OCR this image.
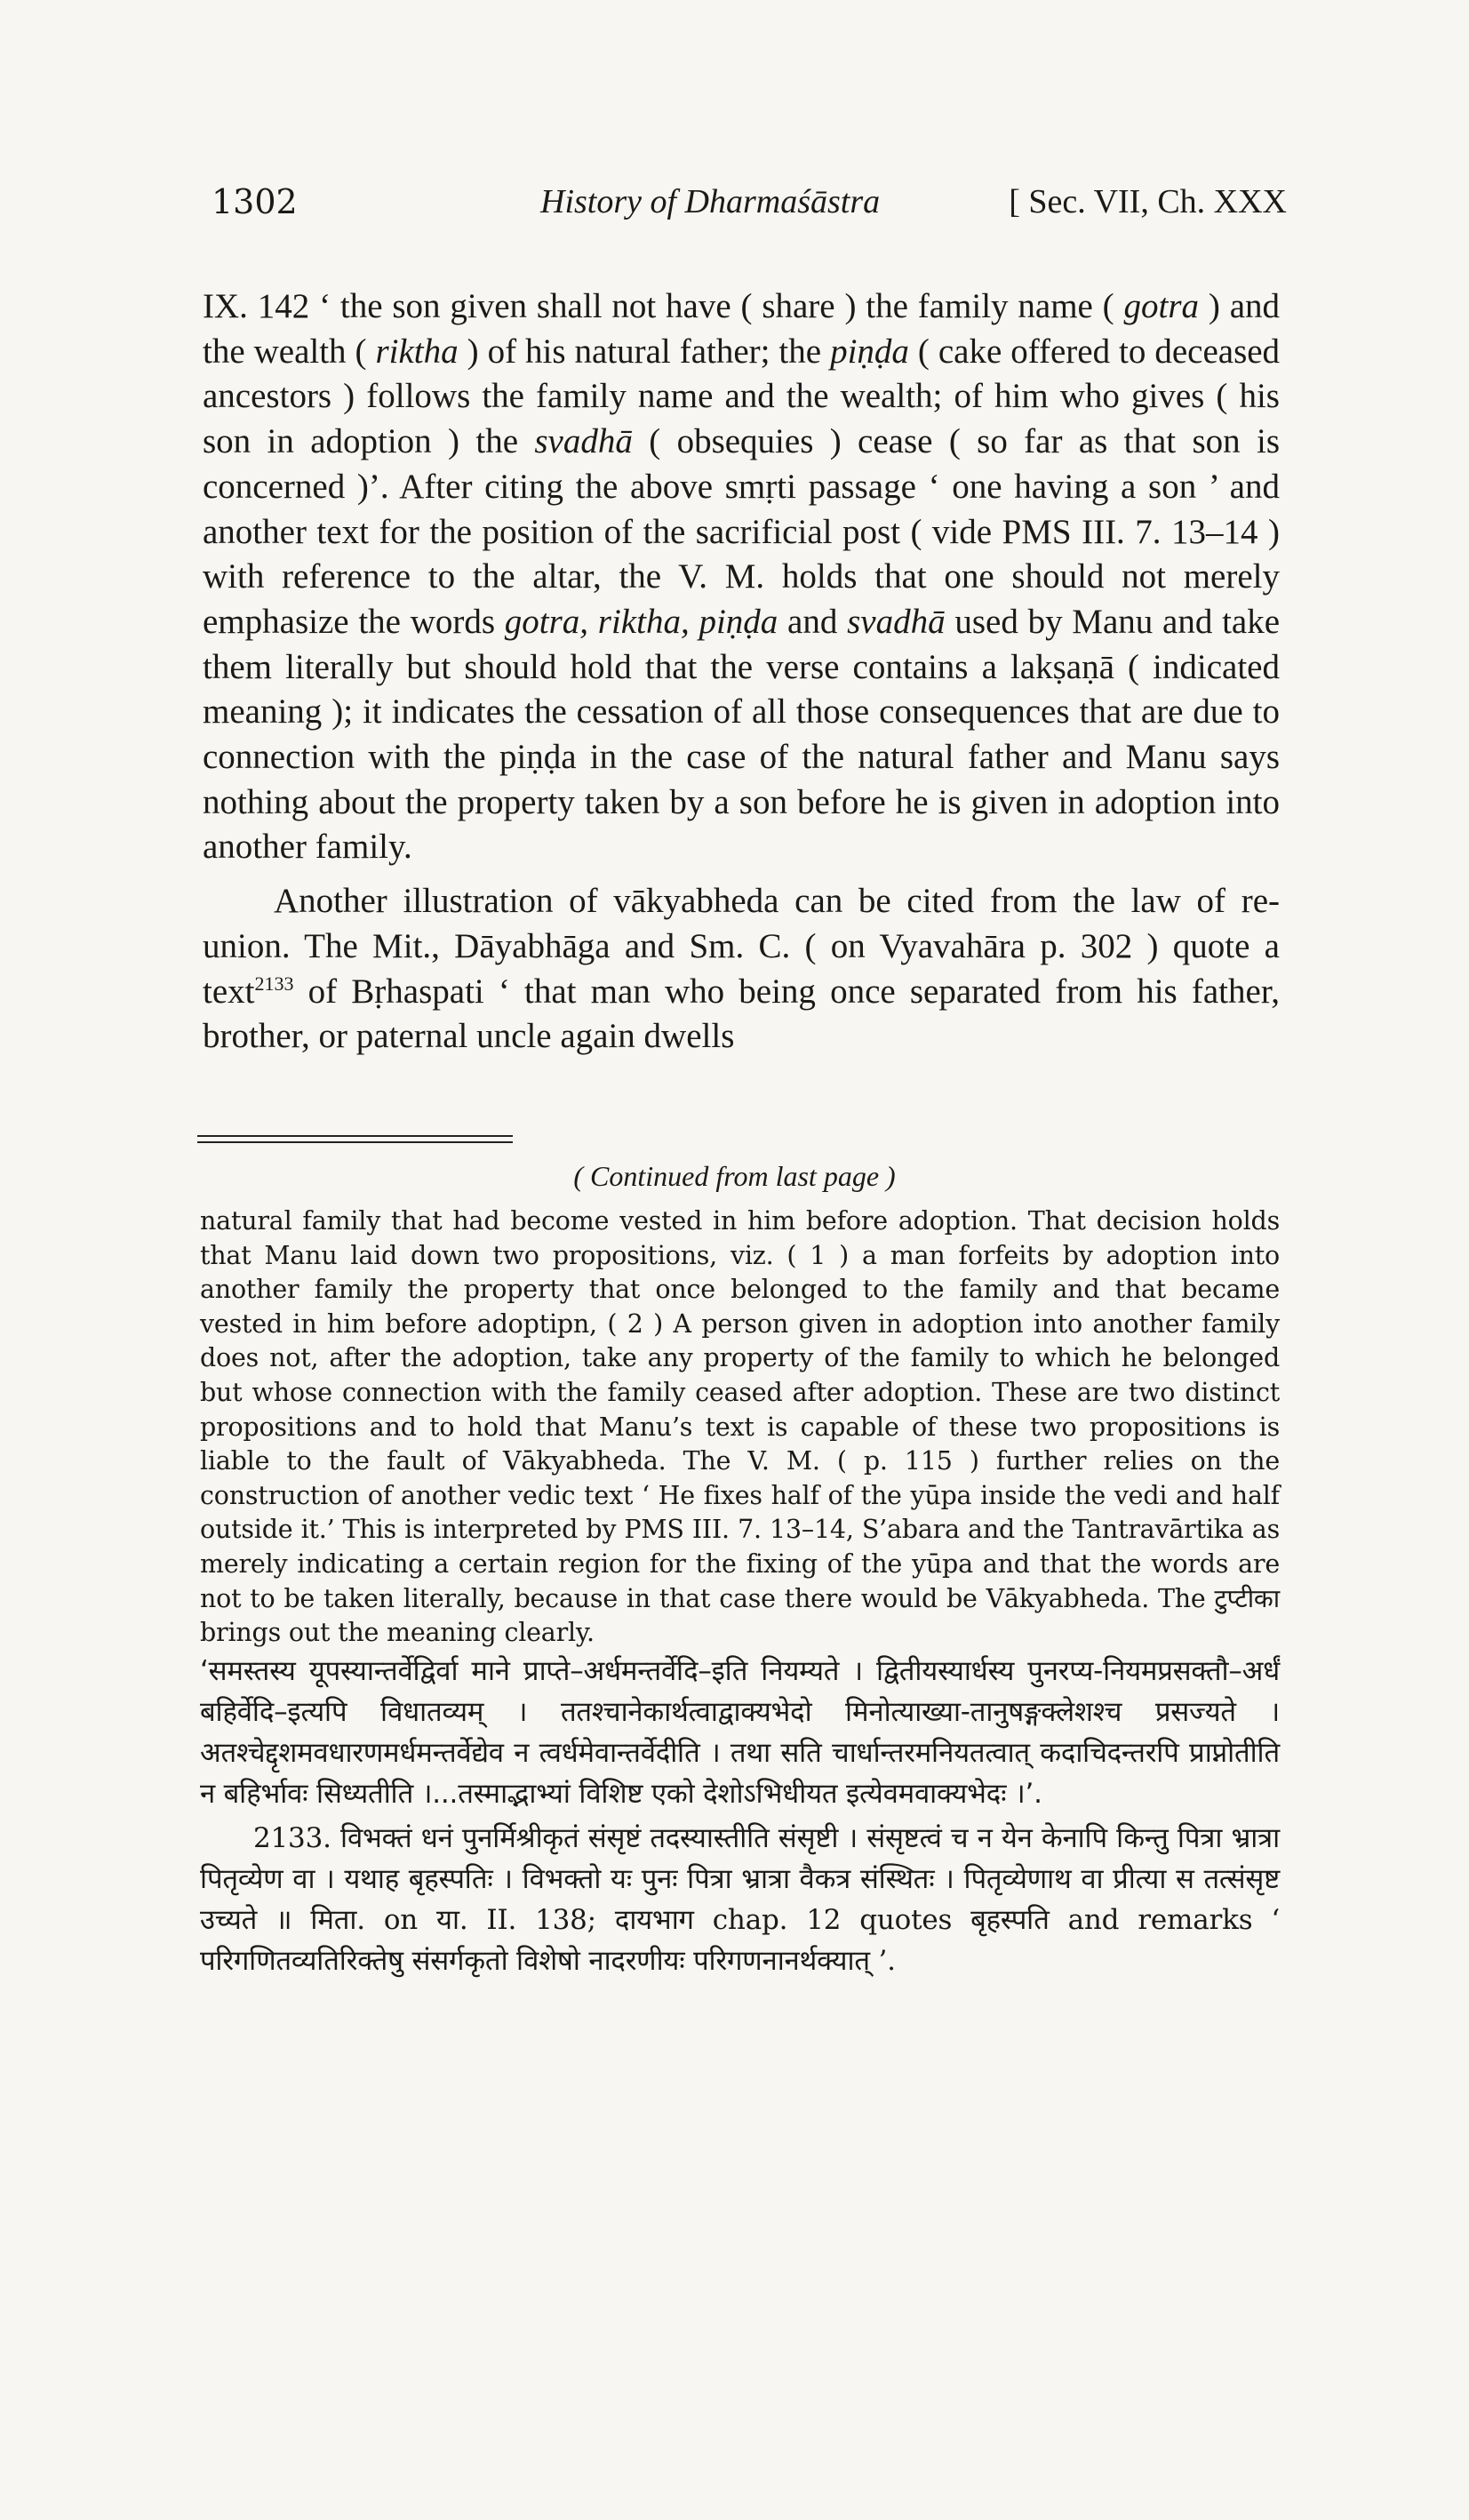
1302	History of Dharmaśāstra	[ Sec. VII, Ch. XXX

IX. 142 ‘ the son given shall not have ( share ) the family name ( gotra ) and the wealth ( riktha ) of his natural father; the piṇḍa ( cake offered to deceased ancestors ) follows the family name and the wealth; of him who gives ( his son in adoption ) the svadhā ( obsequies ) cease ( so far as that son is concerned )’. After citing the above smṛti passage ‘ one having a son ’ and another text for the position of the sacrificial post ( vide PMS III. 7. 13–14 ) with reference to the altar, the V. M. holds that one should not merely emphasize the words gotra, riktha, piṇḍa and svadhā used by Manu and take them literally but should hold that the verse contains a lakṣaṇā ( indicated meaning ); it indicates the cessation of all those consequences that are due to connection with the piṇḍa in the case of the natural father and Manu says nothing about the property taken by a son before he is given in adoption into another family.

Another illustration of vākyabheda can be cited from the law of re-union. The Mit., Dāyabhāga and Sm. C. ( on Vyavahāra p. 302 ) quote a text$^{2133}$ of Bṛhaspati ‘ that man who being once separated from his father, brother, or paternal uncle again dwells

( Continued from last page )

natural family that had become vested in him before adoption. That decision holds that Manu laid down two propositions, viz. ( 1 ) a man forfeits by adoption into another family the property that once belonged to the family and that became vested in him before adoptipn, ( 2 ) A person given in adoption into another family does not, after the adoption, take any property of the family to which he belonged but whose connection with the family ceased after adoption. These are two distinct propositions and to hold that Manu’s text is capable of these two propositions is liable to the fault of Vākyabheda. The V. M. ( p. 115 ) further relies on the construction of another vedic text ‘ He fixes half of the yūpa inside the vedi and half outside it.’ This is interpreted by PMS III. 7. 13–14, S’abara and the Tantravārtika as merely indicating a certain region for the fixing of the yūpa and that the words are not to be taken literally, because in that case there would be Vākyabheda. The टुप्टीका brings out the meaning clearly.

‘समस्तस्य यूपस्यान्तर्वेद्विर्वा माने प्राप्ते–अर्धमन्तर्वेदि–इति नियम्यते । द्वितीयस्यार्धस्य पुनरप्य-नियमप्रसक्तौ–अर्धं बहिर्वेदि–इत्यपि विधातव्यम् । ततश्चानेकार्थत्वाद्वाक्यभेदो मिनोत्याख्या-तानुषङ्गक्लेशश्च प्रसज्यते । अतश्चेद्दृशमवधारणमर्धमन्तर्वेद्येव न त्वर्धमेवान्तर्वेदीति । तथा सति चार्धान्तरमनियतत्वात् कदाचिदन्तरपि प्राप्नोतीति न बहिर्भावः सिध्यतीति ।...तस्माद्भाभ्यां विशिष्ट एको देशोऽभिधीयत इत्येवमवाक्यभेदः ।’.

2133. विभक्तं धनं पुनर्मिश्रीकृतं संसृष्टं तदस्यास्तीति संसृष्टी । संसृष्टत्वं च न येन केनापि किन्तु पित्रा भ्रात्रा पितृव्येण वा । यथाह बृहस्पतिः । विभक्तो यः पुनः पित्रा भ्रात्रा वैकत्र संस्थितः । पितृव्येणाथ वा प्रीत्या स तत्संसृष्ट उच्यते ॥ मिता. on या. II. 138; दायभाग chap. 12 quotes बृहस्पति and remarks ‘ परिगणितव्यतिरिक्तेषु संसर्गकृतो विशेषो नादरणीयः परिगणनानर्थक्यात् ’.
